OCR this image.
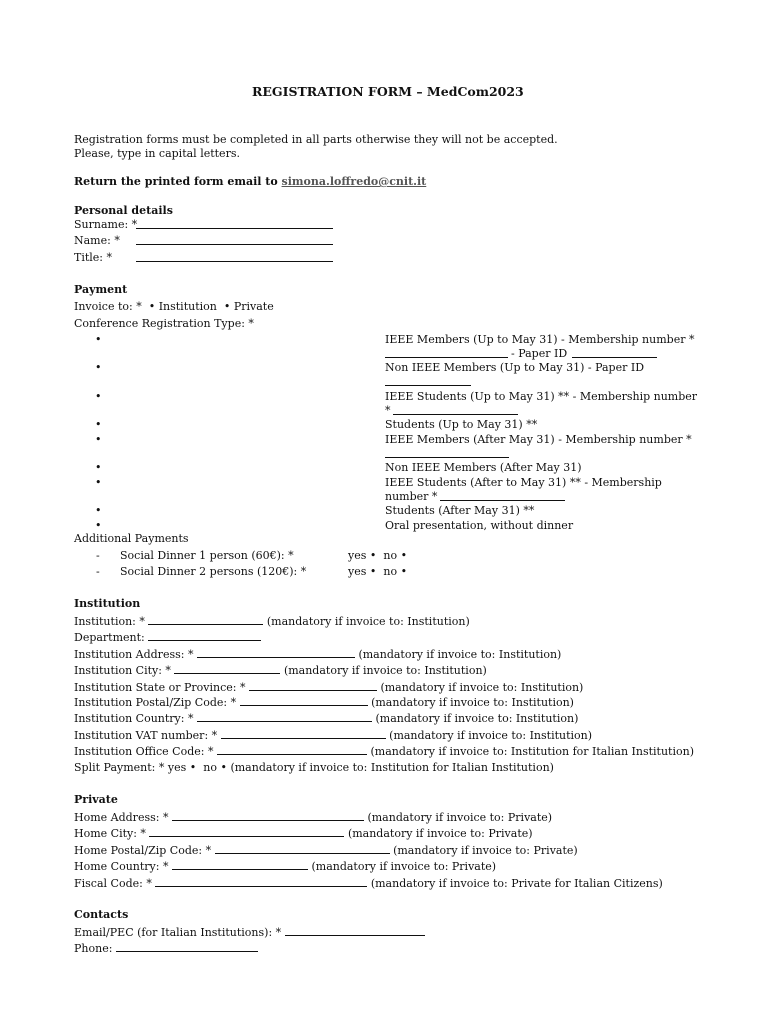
REGISTRATION FORM – MedCom2023
Registration forms must be completed in all parts otherwise they will not be accepted.
Please, type in capital letters.
Return the printed form email to simona.loffredo@cnit.it
Personal details
Surname: *
Name: *
Title: *
Payment
Invoice to: *  • Institution  • Private
Conference Registration Type: *
•	IEEE Members (Up to May 31) - Membership number *
- Paper ID
•	Non IEEE Members (Up to May 31) - Paper ID
•	IEEE Students (Up to May 31) ** - Membership number
*
•	Students (Up to May 31) **
•	IEEE Members (After May 31) - Membership number *
•	Non IEEE Members (After May 31)
•	IEEE Students (After to May 31) ** - Membership
number *
•	Students (After May 31) **
•	Oral presentation, without dinner
Additional Payments
- Social Dinner 1 person (60€): *	yes • no •
- Social Dinner 2 persons (120€): *	yes • no •
Institution
Institution: *	(mandatory if invoice to: Institution)
Department:
Institution Address: *	(mandatory if invoice to: Institution)
Institution City: *	(mandatory if invoice to: Institution)
Institution State or Province: *	(mandatory if invoice to: Institution)
Institution Postal/Zip Code: *	(mandatory if invoice to: Institution)
Institution Country: *	(mandatory if invoice to: Institution)
Institution VAT number: *	(mandatory if invoice to: Institution)
Institution Office Code: *	(mandatory if invoice to: Institution for Italian Institution)
Split Payment: * yes • no • (mandatory if invoice to: Institution for Italian Institution)
Private
Home Address: *	(mandatory if invoice to: Private)
Home City: *	(mandatory if invoice to: Private)
Home Postal/Zip Code: *	(mandatory if invoice to: Private)
Home Country: *	(mandatory if invoice to: Private)
Fiscal Code: *	(mandatory if invoice to: Private for Italian Citizens)
Contacts
Email/PEC (for Italian Institutions): *
Phone:
